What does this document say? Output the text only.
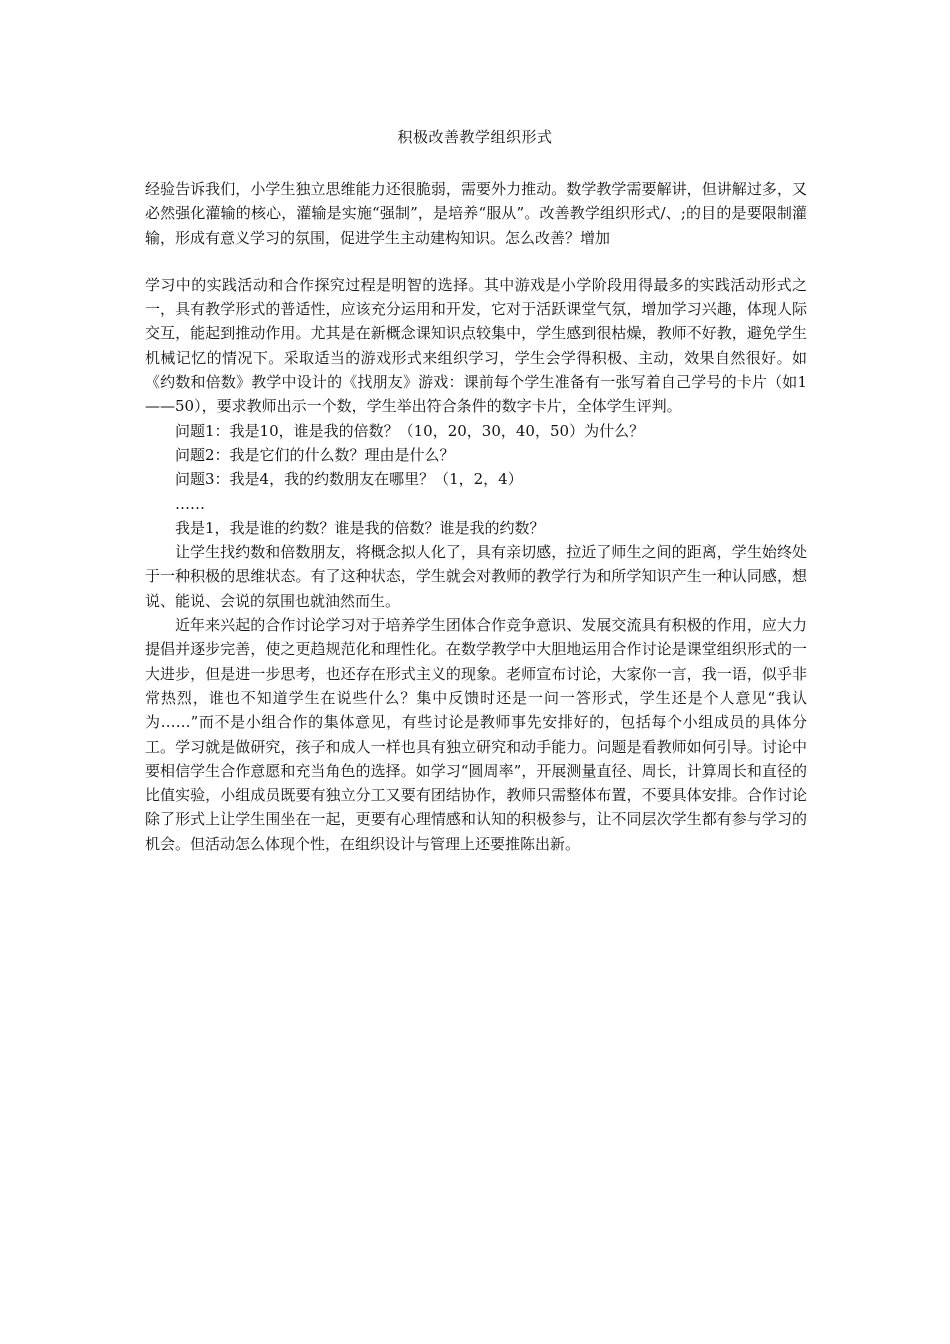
积极改善教学组织形式

经验告诉我们，小学生独立思维能力还很脆弱，需要外力推动。数学教学需要解讲，但讲解过多，又必然强化灌输的核心，灌输是实施“强制”，是培养“服从”。改善教学组织形式/、;的目的是要限制灌输，形成有意义学习的氛围，促进学生主动建构知识。怎么改善？增加

学习中的实践活动和合作探究过程是明智的选择。其中游戏是小学阶段用得最多的实践活动形式之一，具有教学形式的普适性，应该充分运用和开发，它对于活跃课堂气氛，增加学习兴趣，体现人际交互，能起到推动作用。尤其是在新概念课知识点较集中，学生感到很枯燥，教师不好教，避免学生机械记忆的情况下。采取适当的游戏形式来组织学习，学生会学得积极、主动，效果自然很好。如《约数和倍数》教学中设计的《找朋友》游戏：课前每个学生准备有一张写着自己学号的卡片（如1——50），要求教师出示一个数，学生举出符合条件的数字卡片，全体学生评判。

问题1：我是10，谁是我的倍数？（10，20，30，40，50）为什么？

问题2：我是它们的什么数？理由是什么？

问题3：我是4，我的约数朋友在哪里？（1，2，4）

……

我是1，我是谁的约数？谁是我的倍数？谁是我的约数？

让学生找约数和倍数朋友，将概念拟人化了，具有亲切感，拉近了师生之间的距离，学生始终处于一种积极的思维状态。有了这种状态，学生就会对教师的教学行为和所学知识产生一种认同感，想说、能说、会说的氛围也就油然而生。

近年来兴起的合作讨论学习对于培养学生团体合作竞争意识、发展交流具有积极的作用，应大力提倡并逐步完善，使之更趋规范化和理性化。在数学教学中大胆地运用合作讨论是课堂组织形式的一大进步，但是进一步思考，也还存在形式主义的现象。老师宣布讨论，大家你一言，我一语，似乎非常热烈，谁也不知道学生在说些什么？集中反馈时还是一问一答形式，学生还是个人意见“我认为……”而不是小组合作的集体意见，有些讨论是教师事先安排好的，包括每个小组成员的具体分工。学习就是做研究，孩子和成人一样也具有独立研究和动手能力。问题是看教师如何引导。讨论中要相信学生合作意愿和充当角色的选择。如学习“圆周率”，开展测量直径、周长，计算周长和直径的比值实验，小组成员既要有独立分工又要有团结协作，教师只需整体布置，不要具体安排。合作讨论除了形式上让学生围坐在一起，更要有心理情感和认知的积极参与，让不同层次学生都有参与学习的机会。但活动怎么体现个性，在组织设计与管理上还要推陈出新。
